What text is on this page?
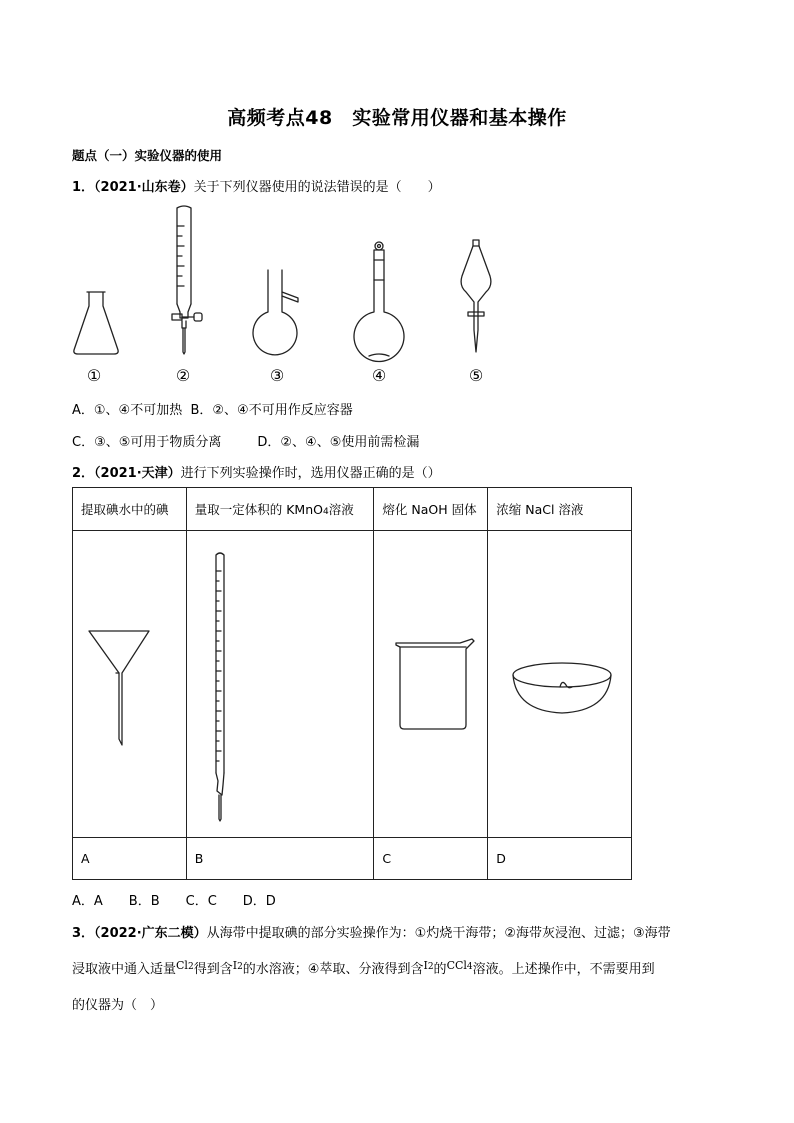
高频考点48　实验常用仪器和基本操作
题点（一）实验仪器的使用
1．（2021·山东卷）关于下列仪器使用的说法错误的是（　　）
①	②	③	④	⑤
A．①、④不可加热 B．②、④不可用作反应容器
C．③、⑤可用于物质分离	D．②、④、⑤使用前需检漏
2．（2021·天津）进行下列实验操作时，选用仪器正确的是（）
提取碘水中的碘	量取一定体积的 KMnO4溶液	熔化 NaOH 固体	浓缩 NaCl 溶液

A	B	C	D
A．A　　B．B　　C．C　　D．D
3．（2022·广东二模）从海带中提取碘的部分实验操作为：①灼烧干海带；②海带灰浸泡、过滤；③海带
浸取液中通入适量$^{Cl2}$得到含$^{I2}$的水溶液；④萃取、分液得到含$^{I2}$的$^{CCl4}$溶液。上述操作中，不需要用到
的仪器为（　）
